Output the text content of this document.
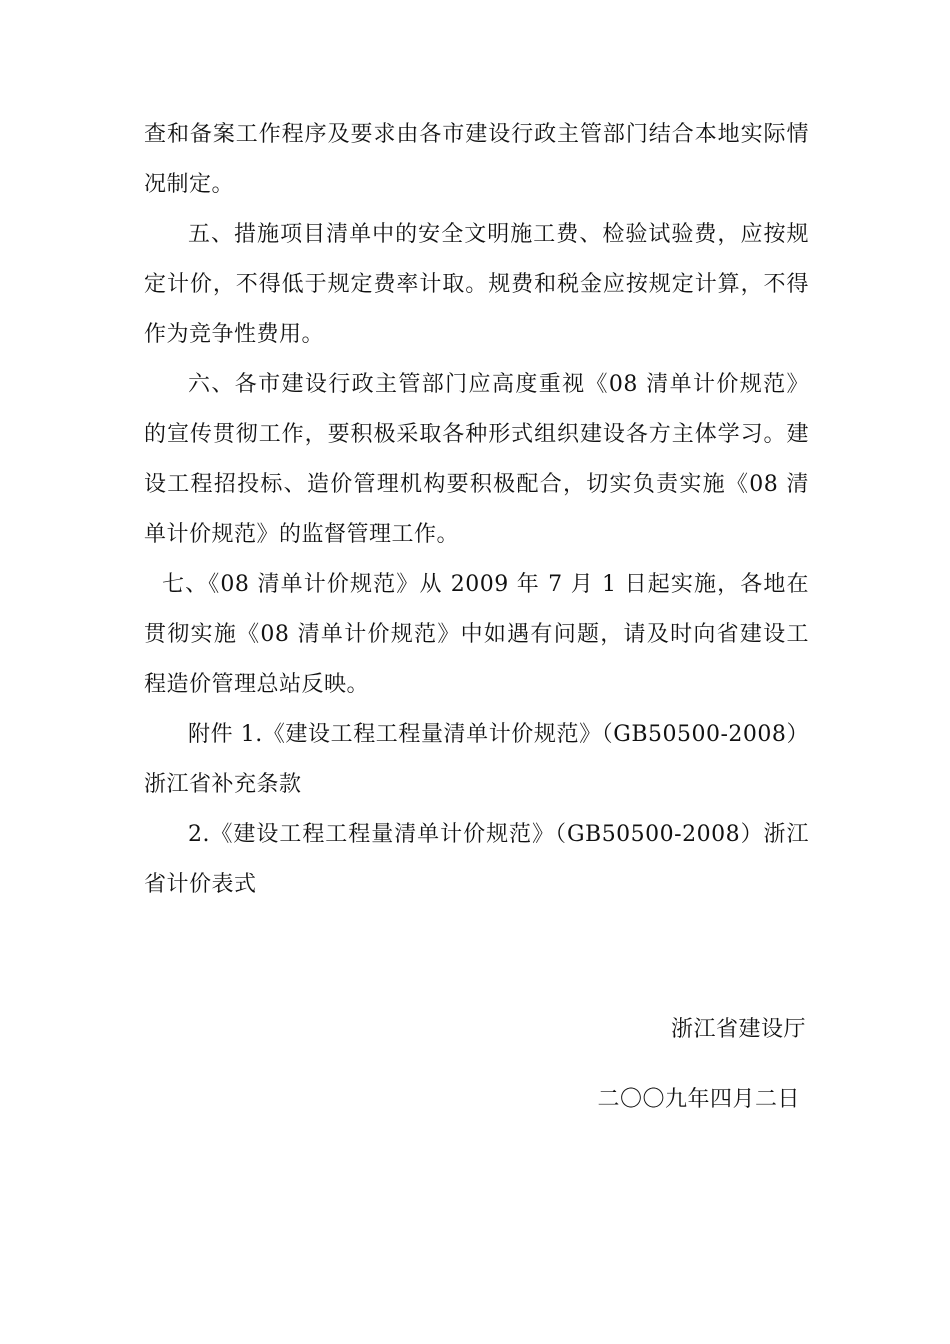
查和备案工作程序及要求由各市建设行政主管部门结合本地实际情况制定。

五、措施项目清单中的安全文明施工费、检验试验费，应按规定计价，不得低于规定费率计取。规费和税金应按规定计算，不得作为竞争性费用。

六、各市建设行政主管部门应高度重视《08 清单计价规范》的宣传贯彻工作，要积极采取各种形式组织建设各方主体学习。建设工程招投标、造价管理机构要积极配合，切实负责实施《08 清单计价规范》的监督管理工作。

七、《08 清单计价规范》从 2009 年 7 月 1 日起实施，各地在贯彻实施《08 清单计价规范》中如遇有问题，请及时向省建设工程造价管理总站反映。

附件 1.《建设工程工程量清单计价规范》（GB50500-2008）浙江省补充条款

2.《建设工程工程量清单计价规范》（GB50500-2008）浙江省计价表式

浙江省建设厅
二〇〇九年四月二日
